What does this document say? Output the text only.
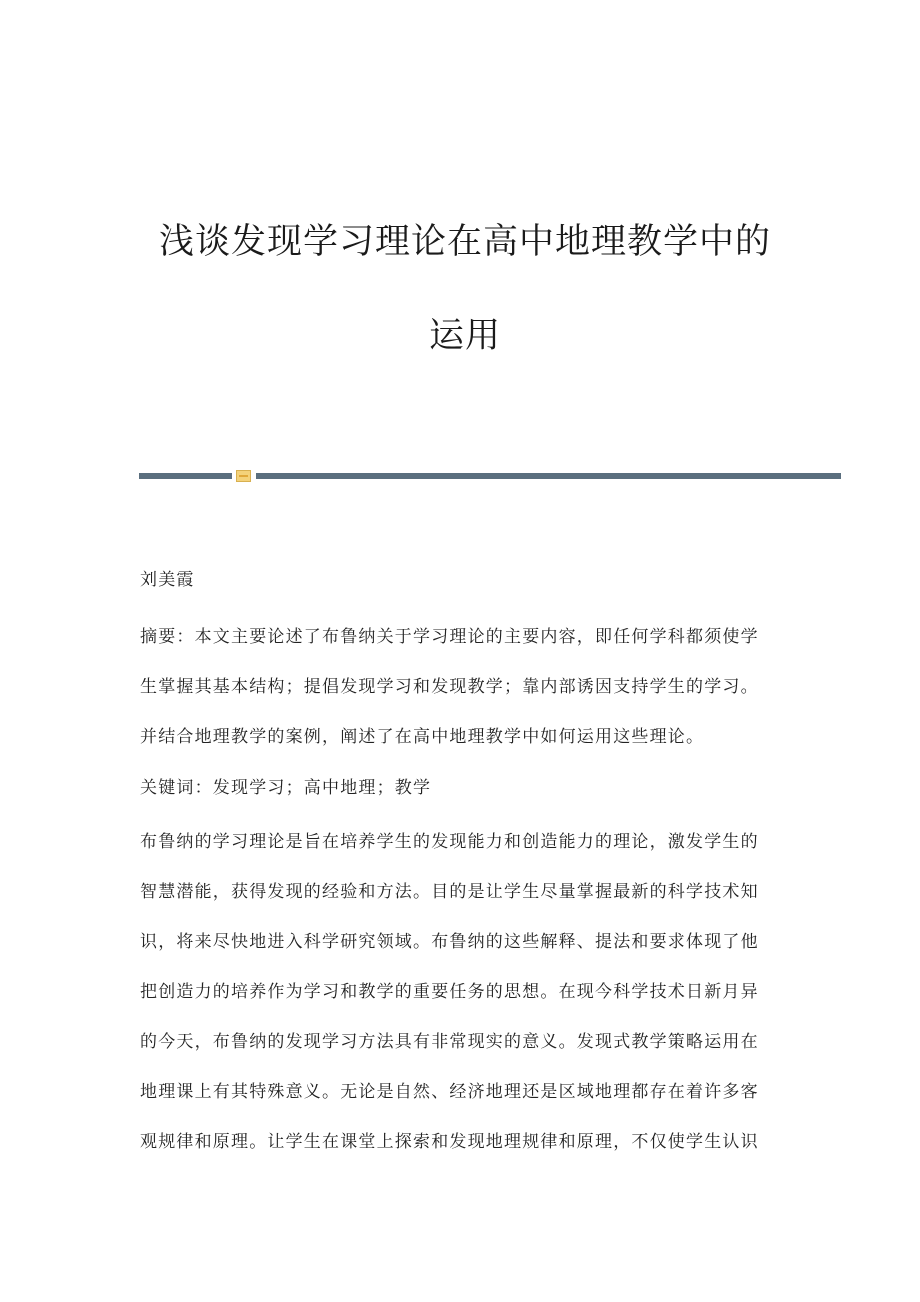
浅谈发现学习理论在高中地理教学中的
运用
刘美霞
摘要：本文主要论述了布鲁纳关于学习理论的主要内容，即任何学科都须使学
生掌握其基本结构；提倡发现学习和发现教学；靠内部诱因支持学生的学习。
并结合地理教学的案例，阐述了在高中地理教学中如何运用这些理论。
关键词：发现学习；高中地理；教学
布鲁纳的学习理论是旨在培养学生的发现能力和创造能力的理论，激发学生的
智慧潜能，获得发现的经验和方法。目的是让学生尽量掌握最新的科学技术知
识，将来尽快地进入科学研究领域。布鲁纳的这些解释、提法和要求体现了他
把创造力的培养作为学习和教学的重要任务的思想。在现今科学技术日新月异
的今天，布鲁纳的发现学习方法具有非常现实的意义。发现式教学策略运用在
地理课上有其特殊意义。无论是自然、经济地理还是区域地理都存在着许多客
观规律和原理。让学生在课堂上探索和发现地理规律和原理，不仅使学生认识
